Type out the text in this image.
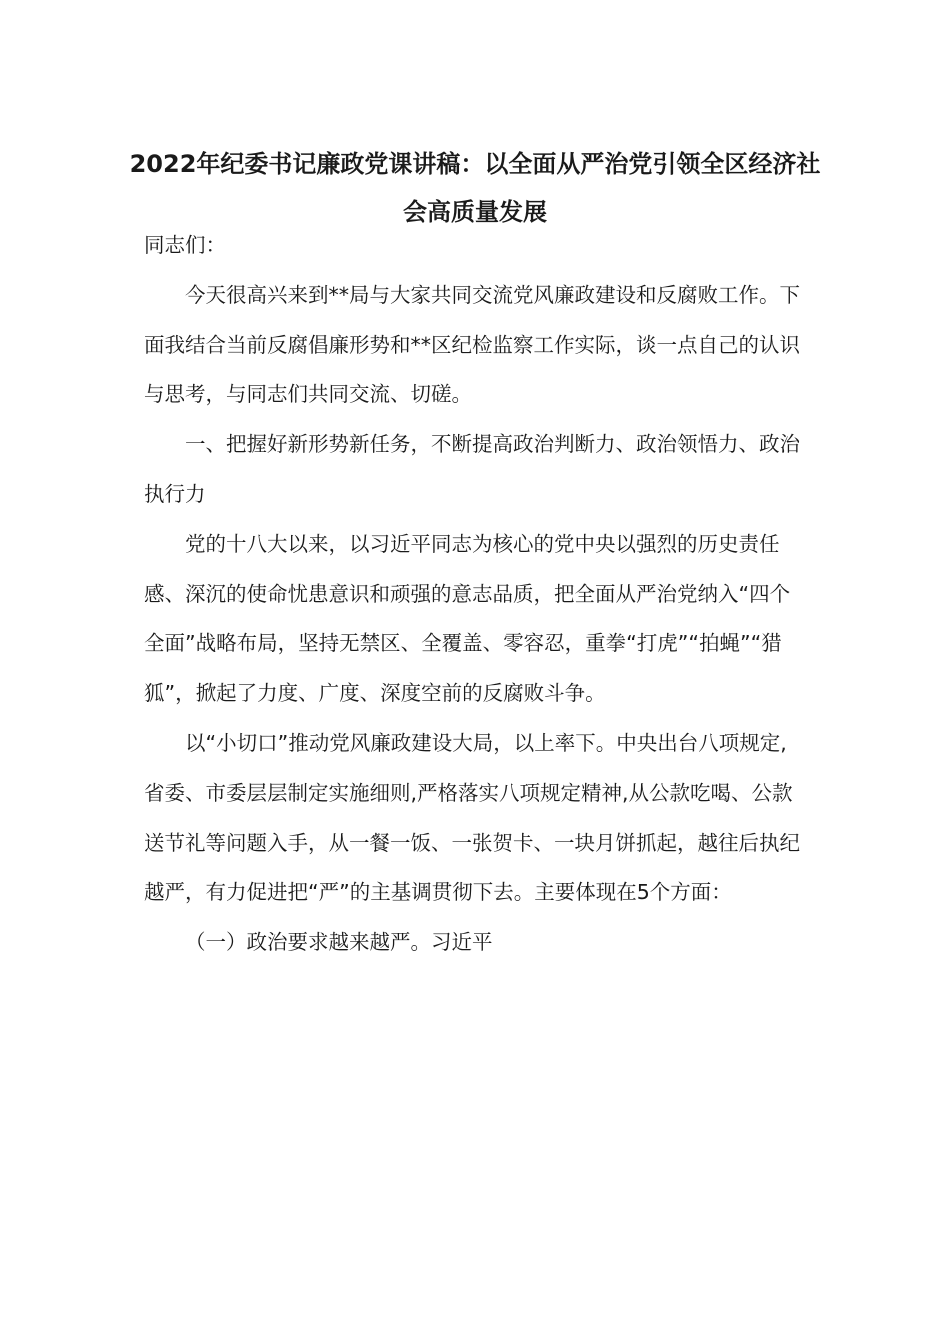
2022年纪委书记廉政党课讲稿：以全面从严治党引领全区经济社会高质量发展

同志们：

今天很高兴来到**局与大家共同交流党风廉政建设和反腐败工作。下面我结合当前反腐倡廉形势和**区纪检监察工作实际，谈一点自己的认识与思考，与同志们共同交流、切磋。

一、把握好新形势新任务，不断提高政治判断力、政治领悟力、政治执行力

党的十八大以来，以习近平同志为核心的党中央以强烈的历史责任感、深沉的使命忧患意识和顽强的意志品质，把全面从严治党纳入“四个全面”战略布局，坚持无禁区、全覆盖、零容忍，重拳“打虎”“拍蝇”“猎狐”，掀起了力度、广度、深度空前的反腐败斗争。

以“小切口”推动党风廉政建设大局，以上率下。中央出台八项规定,省委、市委层层制定实施细则,严格落实八项规定精神,从公款吃喝、公款送节礼等问题入手，从一餐一饭、一张贺卡、一块月饼抓起，越往后执纪越严，有力促进把“严”的主基调贯彻下去。主要体现在5个方面：

（一）政治要求越来越严。习近平
